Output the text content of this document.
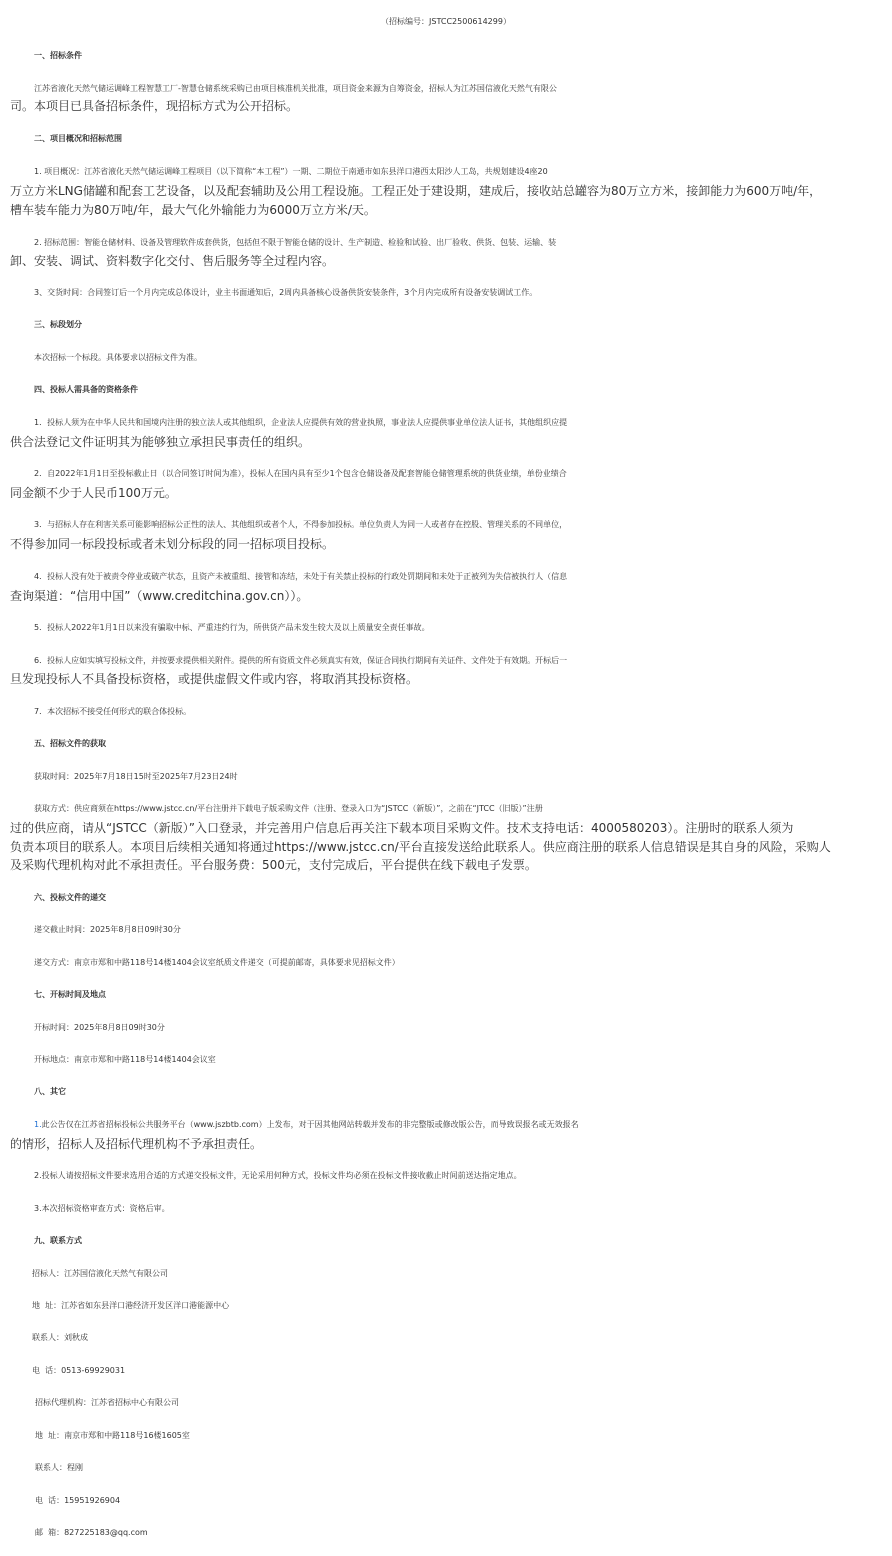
（招标编号：JSTCC2500614299）
一、招标条件
江苏省液化天然气储运调峰工程智慧工厂-智慧仓储系统采购已由项目核准机关批准，项目资金来源为自筹资金，招标人为江苏国信液化天然气有限公
司。本项目已具备招标条件，现招标方式为公开招标。
二、项目概况和招标范围
1. 项目概况：江苏省液化天然气储运调峰工程项目（以下简称“本工程”）一期、二期位于南通市如东县洋口港西太阳沙人工岛，共规划建设4座20
万立方米LNG储罐和配套工艺设备，以及配套辅助及公用工程设施。工程正处于建设期，建成后，接收站总罐容为80万立方米，接卸能力为600万吨/年，
槽车装车能力为80万吨/年，最大气化外输能力为6000万立方米/天。
2. 招标范围：智能仓储材料、设备及管理软件成套供货，包括但不限于智能仓储的设计、生产制造、检验和试验、出厂验收、供货、包装、运输、装
卸、安装、调试、资料数字化交付、售后服务等全过程内容。
3、交货时间：合同签订后一个月内完成总体设计，业主书面通知后，2周内具备核心设备供货安装条件，3个月内完成所有设备安装调试工作。
三、标段划分
本次招标一个标段。具体要求以招标文件为准。
四、投标人需具备的资格条件
1．投标人须为在中华人民共和国境内注册的独立法人或其他组织，企业法人应提供有效的营业执照，事业法人应提供事业单位法人证书，其他组织应提
供合法登记文件证明其为能够独立承担民事责任的组织。
2．自2022年1月1日至投标截止日（以合同签订时间为准），投标人在国内具有至少1个包含仓储设备及配套智能仓储管理系统的供货业绩，单份业绩合
同金额不少于人民币100万元。
3．与招标人存在利害关系可能影响招标公正性的法人、其他组织或者个人，不得参加投标。单位负责人为同一人或者存在控股、管理关系的不同单位，
不得参加同一标段投标或者未划分标段的同一招标项目投标。
4．投标人没有处于被责令停业或破产状态，且资产未被重组、接管和冻结，未处于有关禁止投标的行政处罚期间和未处于正被列为失信被执行人（信息
查询渠道：“信用中国”（www.creditchina.gov.cn））。
5．投标人2022年1月1日以来没有骗取中标、严重违约行为，所供货产品未发生较大及以上质量安全责任事故。
6．投标人应如实填写投标文件，并按要求提供相关附件。提供的所有资质文件必须真实有效，保证合同执行期间有关证件、文件处于有效期。开标后一
旦发现投标人不具备投标资格，或提供虚假文件或内容，将取消其投标资格。
7．本次招标不接受任何形式的联合体投标。
五、招标文件的获取
获取时间：2025年7月18日15时至2025年7月23日24时
获取方式：供应商须在https://www.jstcc.cn/平台注册并下载电子版采购文件（注册、登录入口为“JSTCC（新版）”，之前在“JTCC（旧版）”注册
过的供应商，请从“JSTCC（新版）”入口登录，并完善用户信息后再关注下载本项目采购文件。技术支持电话：4000580203）。注册时的联系人须为
负责本项目的联系人。本项目后续相关通知将通过https://www.jstcc.cn/平台直接发送给此联系人。供应商注册的联系人信息错误是其自身的风险，采购人
及采购代理机构对此不承担责任。平台服务费：500元，支付完成后，平台提供在线下载电子发票。
六、投标文件的递交
递交截止时间：2025年8月8日09时30分
递交方式：南京市郑和中路118号14楼1404会议室纸质文件递交（可提前邮寄，具体要求见招标文件）
七、开标时间及地点
开标时间：2025年8月8日09时30分
开标地点：南京市郑和中路118号14楼1404会议室
八、其它
1.此公告仅在江苏省招标投标公共服务平台（www.jszbtb.com）上发布，对于因其他网站转载并发布的非完整版或修改版公告，而导致误报名或无效报名
的情形，招标人及招标代理机构不予承担责任。
2.投标人请按招标文件要求选用合适的方式递交投标文件，无论采用何种方式，投标文件均必须在投标文件接收截止时间前送达指定地点。
3.本次招标资格审查方式：资格后审。
九、联系方式
招标人：江苏国信液化天然气有限公司
地  址：江苏省如东县洋口港经济开发区洋口港能源中心
联系人：刘秋成
电  话：0513-69929031
招标代理机构：江苏省招标中心有限公司
地  址：南京市郑和中路118号16楼1605室
联系人：程刚
电  话：15951926904
邮  箱：827225183@qq.com
